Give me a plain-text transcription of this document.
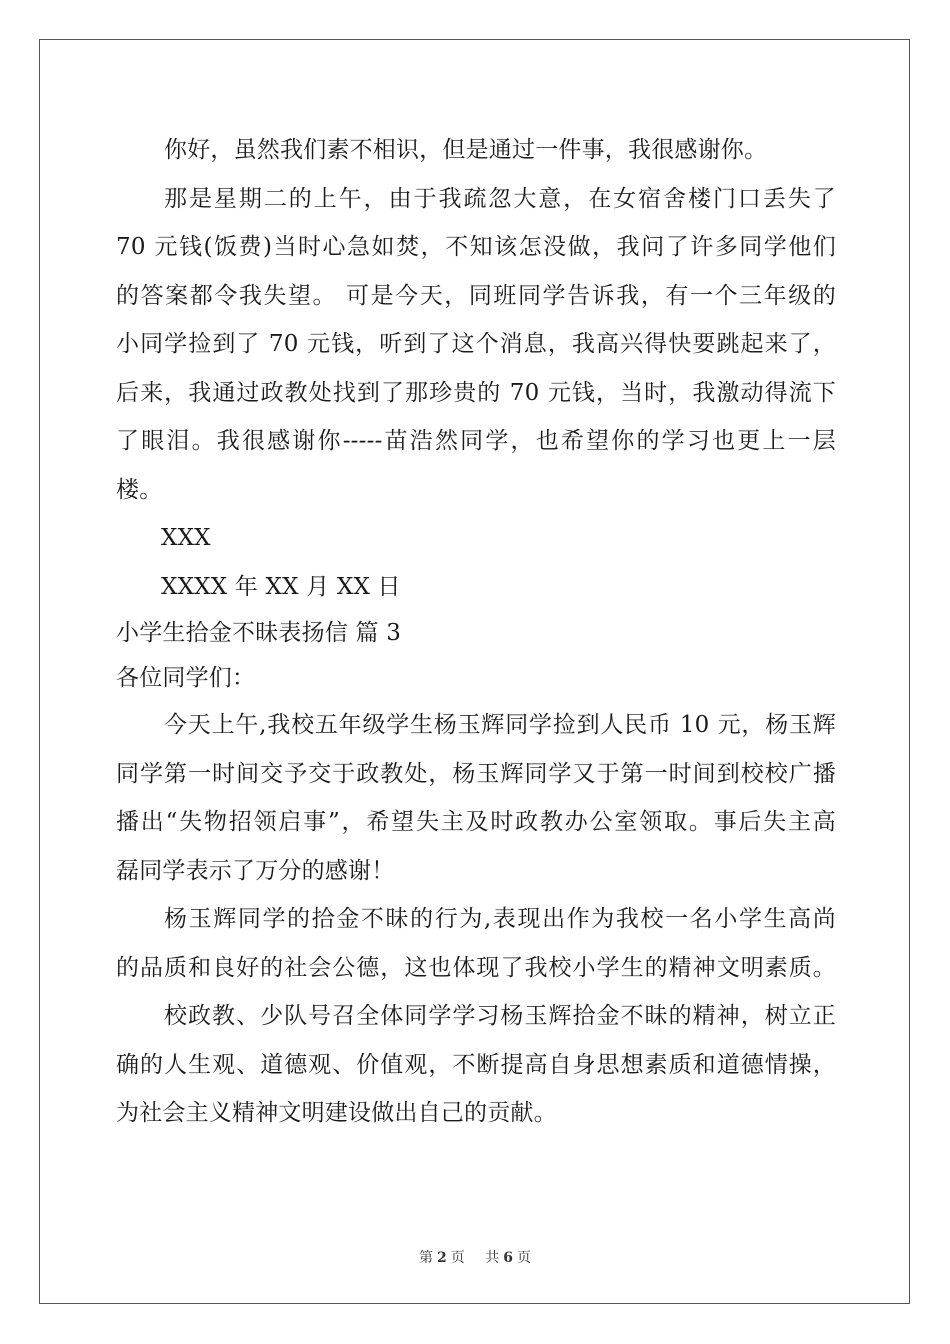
你好，虽然我们素不相识，但是通过一件事，我很感谢你。
那是星期二的上午，由于我疏忽大意，在女宿舍楼门口丢失了
70 元钱(饭费)当时心急如焚，不知该怎没做，我问了许多同学他们
的答案都令我失望。 可是今天，同班同学告诉我，有一个三年级的
小同学捡到了 70 元钱，听到了这个消息，我高兴得快要跳起来了，
后来，我通过政教处找到了那珍贵的 70 元钱，当时，我激动得流下
了眼泪。我很感谢你-----苗浩然同学，也希望你的学习也更上一层
楼。
XXX
XXXX 年 XX 月 XX 日
小学生拾金不昧表扬信 篇 3
各位同学们：
今天上午,我校五年级学生杨玉辉同学捡到人民币 10 元，杨玉辉
同学第一时间交予交于政教处，杨玉辉同学又于第一时间到校校广播
播出“失物招领启事”，希望失主及时政教办公室领取。事后失主高
磊同学表示了万分的感谢！
杨玉辉同学的拾金不昧的行为,表现出作为我校一名小学生高尚
的品质和良好的社会公德，这也体现了我校小学生的精神文明素质。
校政教、少队号召全体同学学习杨玉辉拾金不昧的精神，树立正
确的人生观、道德观、价值观，不断提高自身思想素质和道德情操，
为社会主义精神文明建设做出自己的贡献。
第 2 页 共 6 页
